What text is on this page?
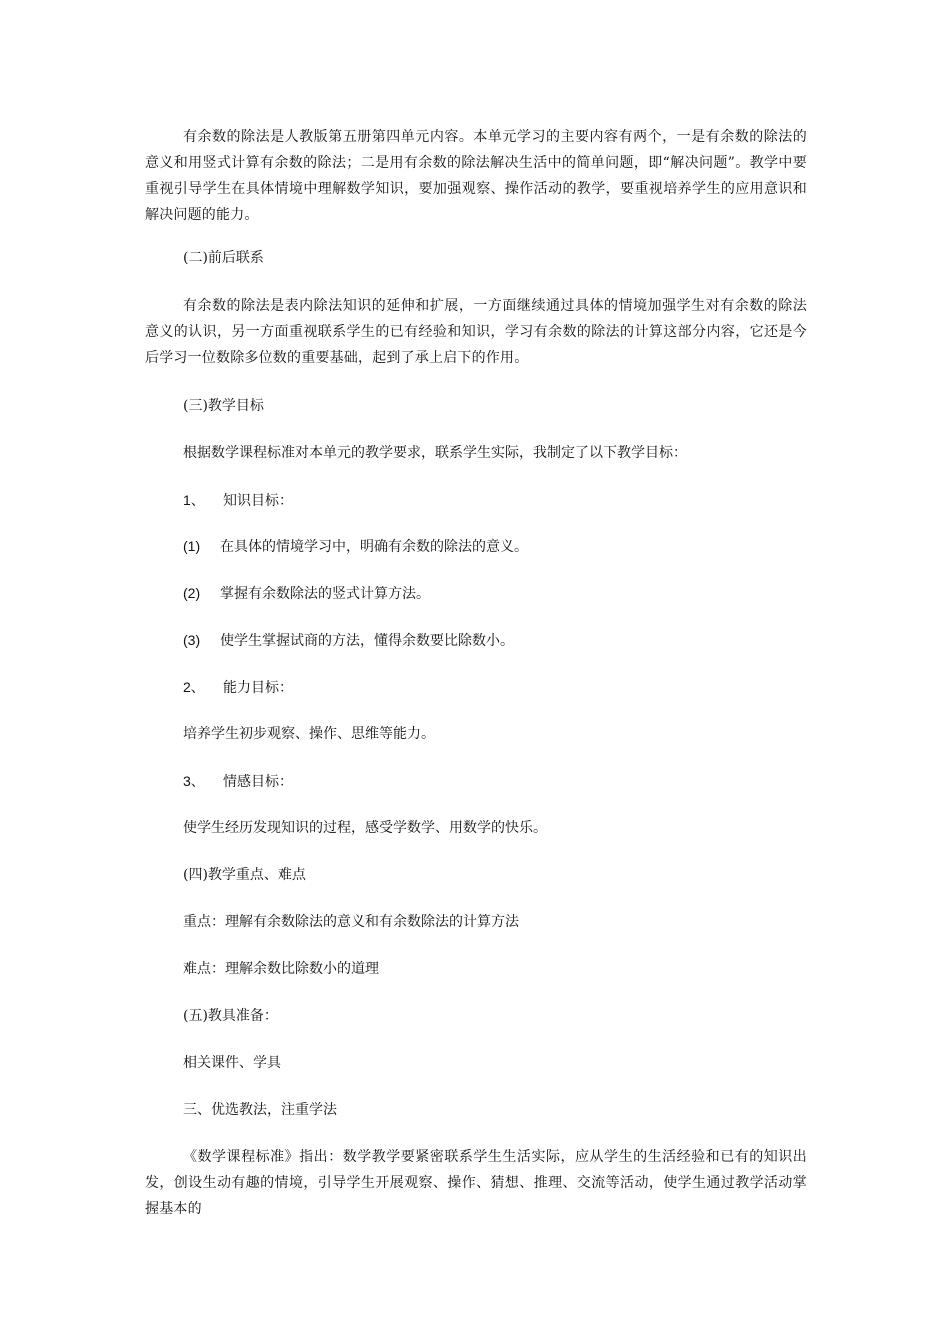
有余数的除法是人教版第五册第四单元内容。本单元学习的主要内容有两个，一是有余数的除法的意义和用竖式计算有余数的除法；二是用有余数的除法解决生活中的简单问题，即“解决问题”。教学中要重视引导学生在具体情境中理解数学知识，要加强观察、操作活动的教学，要重视培养学生的应用意识和解决问题的能力。

(二)前后联系

有余数的除法是表内除法知识的延伸和扩展，一方面继续通过具体的情境加强学生对有余数的除法意义的认识，另一方面重视联系学生的已有经验和知识，学习有余数的除法的计算这部分内容，它还是今后学习一位数除多位数的重要基础，起到了承上启下的作用。

(三)教学目标

根据数学课程标准对本单元的教学要求，联系学生实际，我制定了以下教学目标：

1、 知识目标：

(1) 在具体的情境学习中，明确有余数的除法的意义。

(2) 掌握有余数除法的竖式计算方法。

(3) 使学生掌握试商的方法，懂得余数要比除数小。

2、 能力目标：

培养学生初步观察、操作、思维等能力。

3、 情感目标：

使学生经历发现知识的过程，感受学数学、用数学的快乐。

(四)教学重点、难点

重点：理解有余数除法的意义和有余数除法的计算方法

难点：理解余数比除数小的道理

(五)教具准备：

相关课件、学具

三、优选教法，注重学法

《数学课程标准》指出：数学教学要紧密联系学生生活实际，应从学生的生活经验和已有的知识出发，创设生动有趣的情境，引导学生开展观察、操作、猜想、推理、交流等活动，使学生通过教学活动掌握基本的
